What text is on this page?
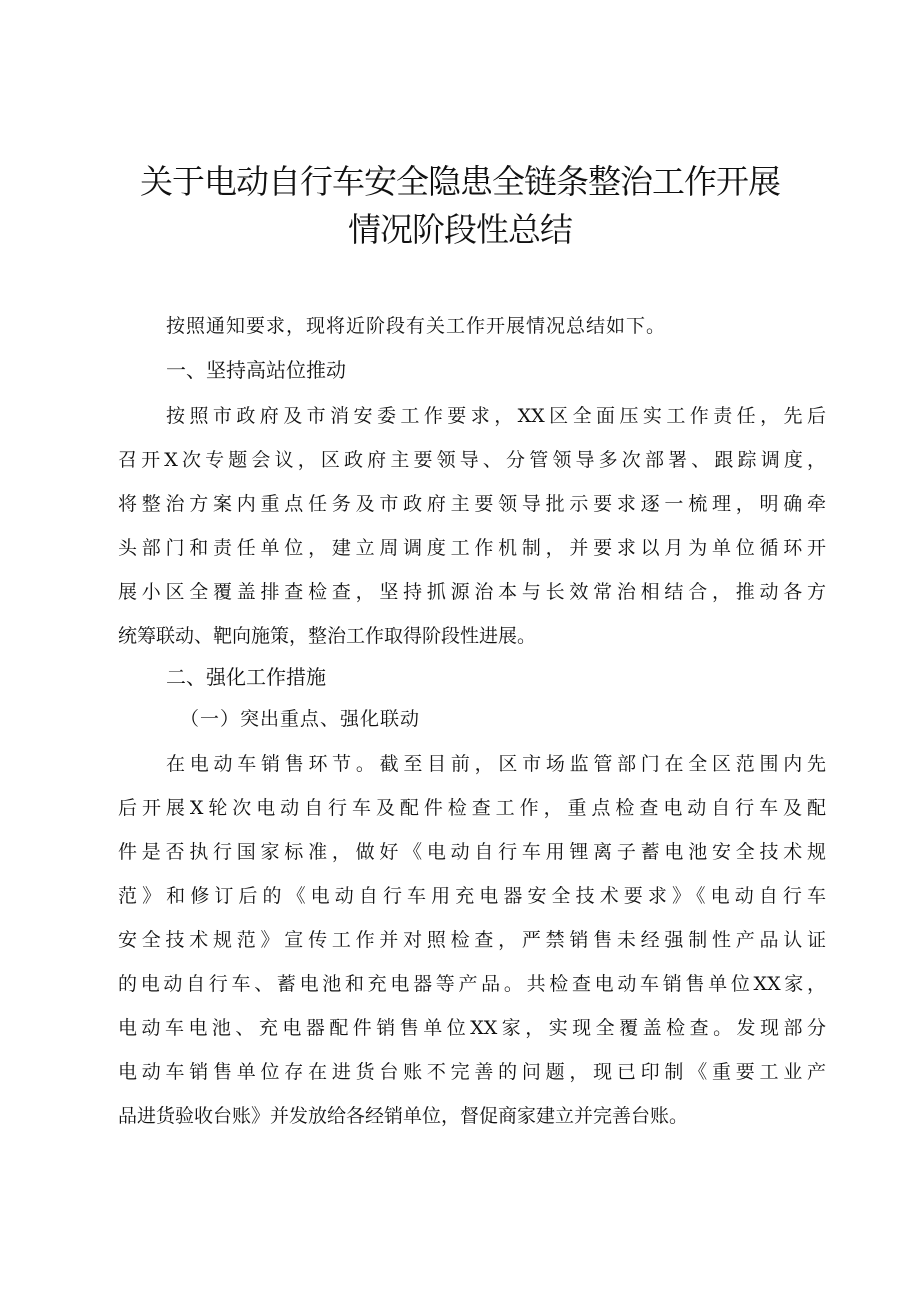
关于电动自行车安全隐患全链条整治工作开展
情况阶段性总结
按照通知要求，现将近阶段有关工作开展情况总结如下。
一、坚持高站位推动
按照市政府及市消安委工作要求，XX区全面压实工作责任，先后
召开X次专题会议，区政府主要领导、分管领导多次部署、跟踪调度，
将整治方案内重点任务及市政府主要领导批示要求逐一梳理，明确牵
头部门和责任单位，建立周调度工作机制，并要求以月为单位循环开
展小区全覆盖排查检查，坚持抓源治本与长效常治相结合，推动各方
统筹联动、靶向施策，整治工作取得阶段性进展。
二、强化工作措施
（一）突出重点、强化联动
在电动车销售环节。截至目前，区市场监管部门在全区范围内先
后开展X轮次电动自行车及配件检查工作，重点检查电动自行车及配
件是否执行国家标准，做好《电动自行车用锂离子蓄电池安全技术规
范》和修订后的《电动自行车用充电器安全技术要求》《电动自行车
安全技术规范》宣传工作并对照检查，严禁销售未经强制性产品认证
的电动自行车、蓄电池和充电器等产品。共检查电动车销售单位XX家，
电动车电池、充电器配件销售单位XX家，实现全覆盖检查。发现部分
电动车销售单位存在进货台账不完善的问题，现已印制《重要工业产
品进货验收台账》并发放给各经销单位，督促商家建立并完善台账。
